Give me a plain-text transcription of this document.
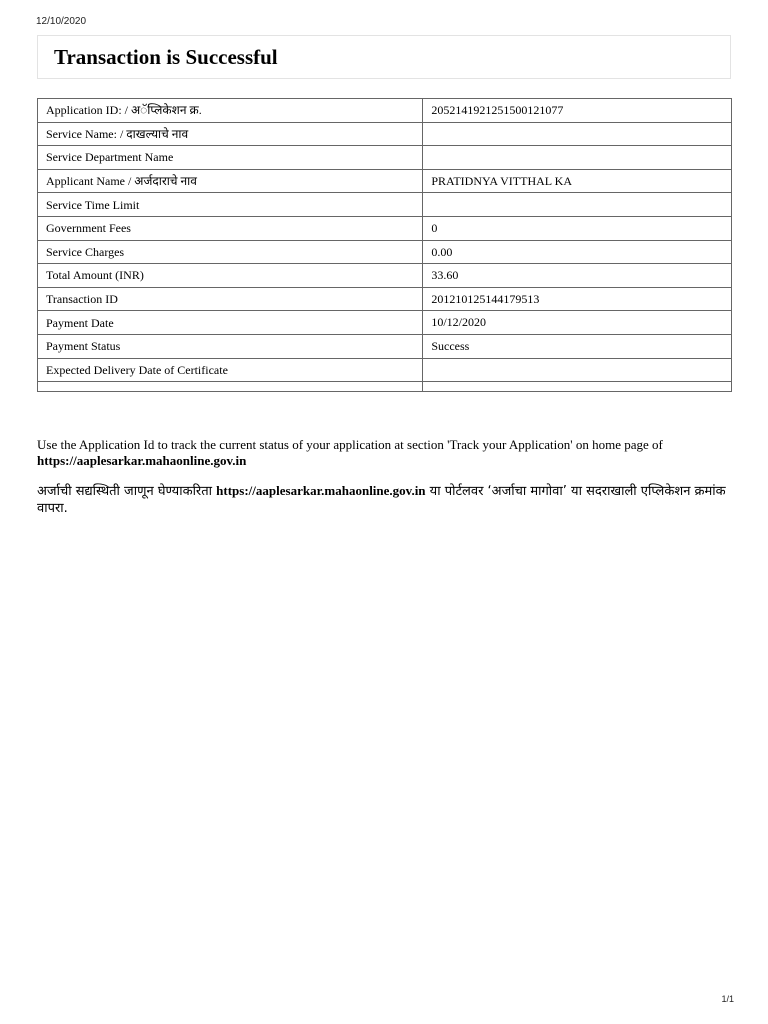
12/10/2020
Transaction is Successful
Application ID: / अॅप्लिकेशन क्र.	2052141921251500121077
Service Name: / दाखल्याचे नाव	
Service Department Name	
Applicant Name / अर्जदाराचे नाव	PRATIDNYA VITTHAL KA
Service Time Limit	
Government Fees	0
Service Charges	0.00
Total Amount (INR)	33.60
Transaction ID	201210125144179513
Payment Date	10/12/2020
Payment Status	Success
Expected Delivery Date of Certificate	

Use the Application Id to track the current status of your application at section 'Track your Application' on home page of
https://aaplesarkar.mahaonline.gov.in
अर्जाची सद्यस्थिती जाणून घेण्याकरिता https://aaplesarkar.mahaonline.gov.in या पोर्टलवर ‘अर्जाचा मागोवा’ या सदराखाली एप्लिकेशन क्रमांक वापरा.
1/1
